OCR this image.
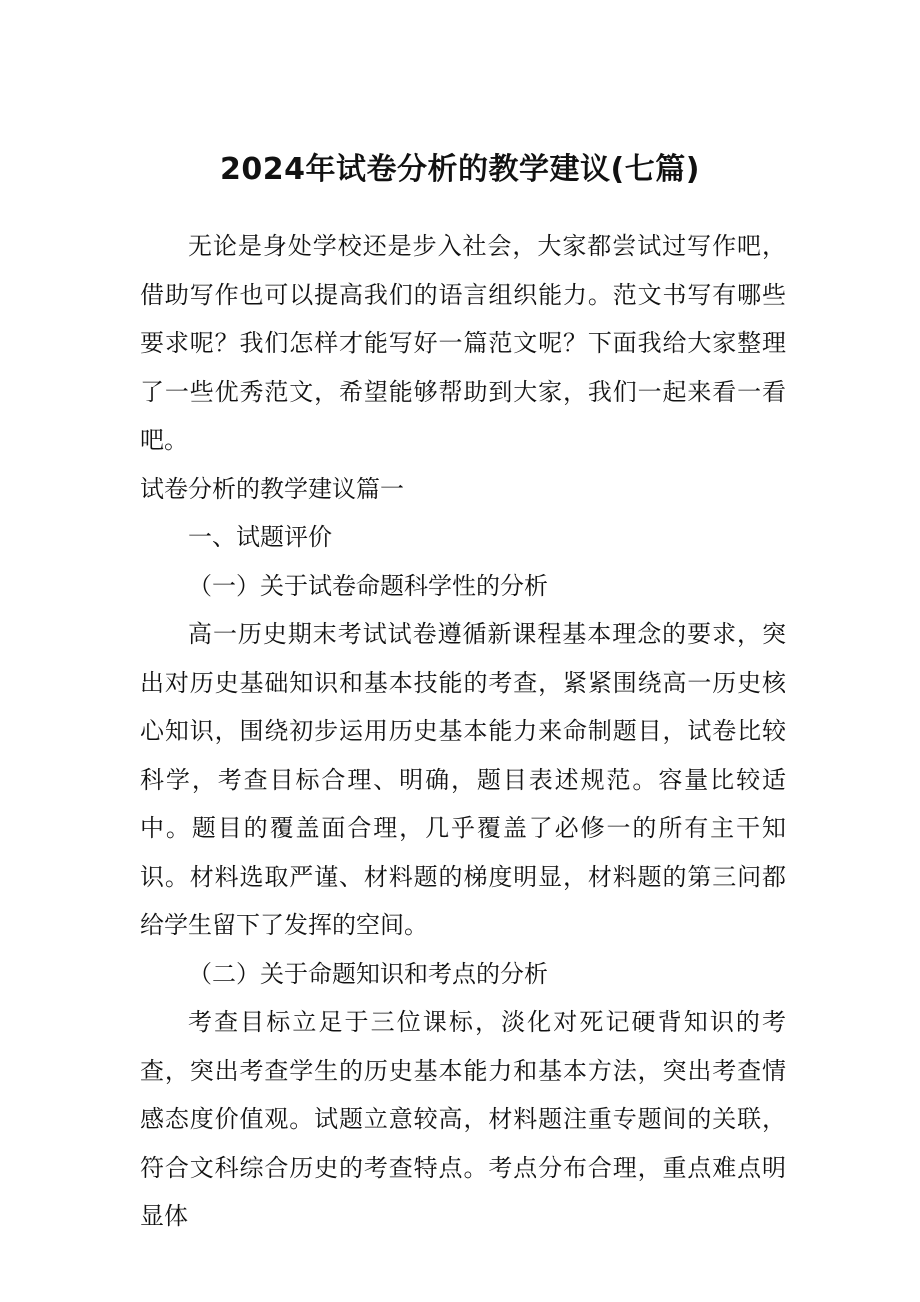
2024年试卷分析的教学建议(七篇)

无论是身处学校还是步入社会，大家都尝试过写作吧，借助写作也可以提高我们的语言组织能力。范文书写有哪些要求呢？我们怎样才能写好一篇范文呢？下面我给大家整理了一些优秀范文，希望能够帮助到大家，我们一起来看一看吧。

试卷分析的教学建议篇一

一、试题评价

（一）关于试卷命题科学性的分析

高一历史期末考试试卷遵循新课程基本理念的要求，突出对历史基础知识和基本技能的考查，紧紧围绕高一历史核心知识，围绕初步运用历史基本能力来命制题目，试卷比较科学，考查目标合理、明确，题目表述规范。容量比较适中。题目的覆盖面合理，几乎覆盖了必修一的所有主干知识。材料选取严谨、材料题的梯度明显，材料题的第三问都给学生留下了发挥的空间。

（二）关于命题知识和考点的分析

考查目标立足于三位课标，淡化对死记硬背知识的考查，突出考查学生的历史基本能力和基本方法，突出考查情感态度价值观。试题立意较高，材料题注重专题间的关联，符合文科综合历史的考查特点。考点分布合理，重点难点明显体
